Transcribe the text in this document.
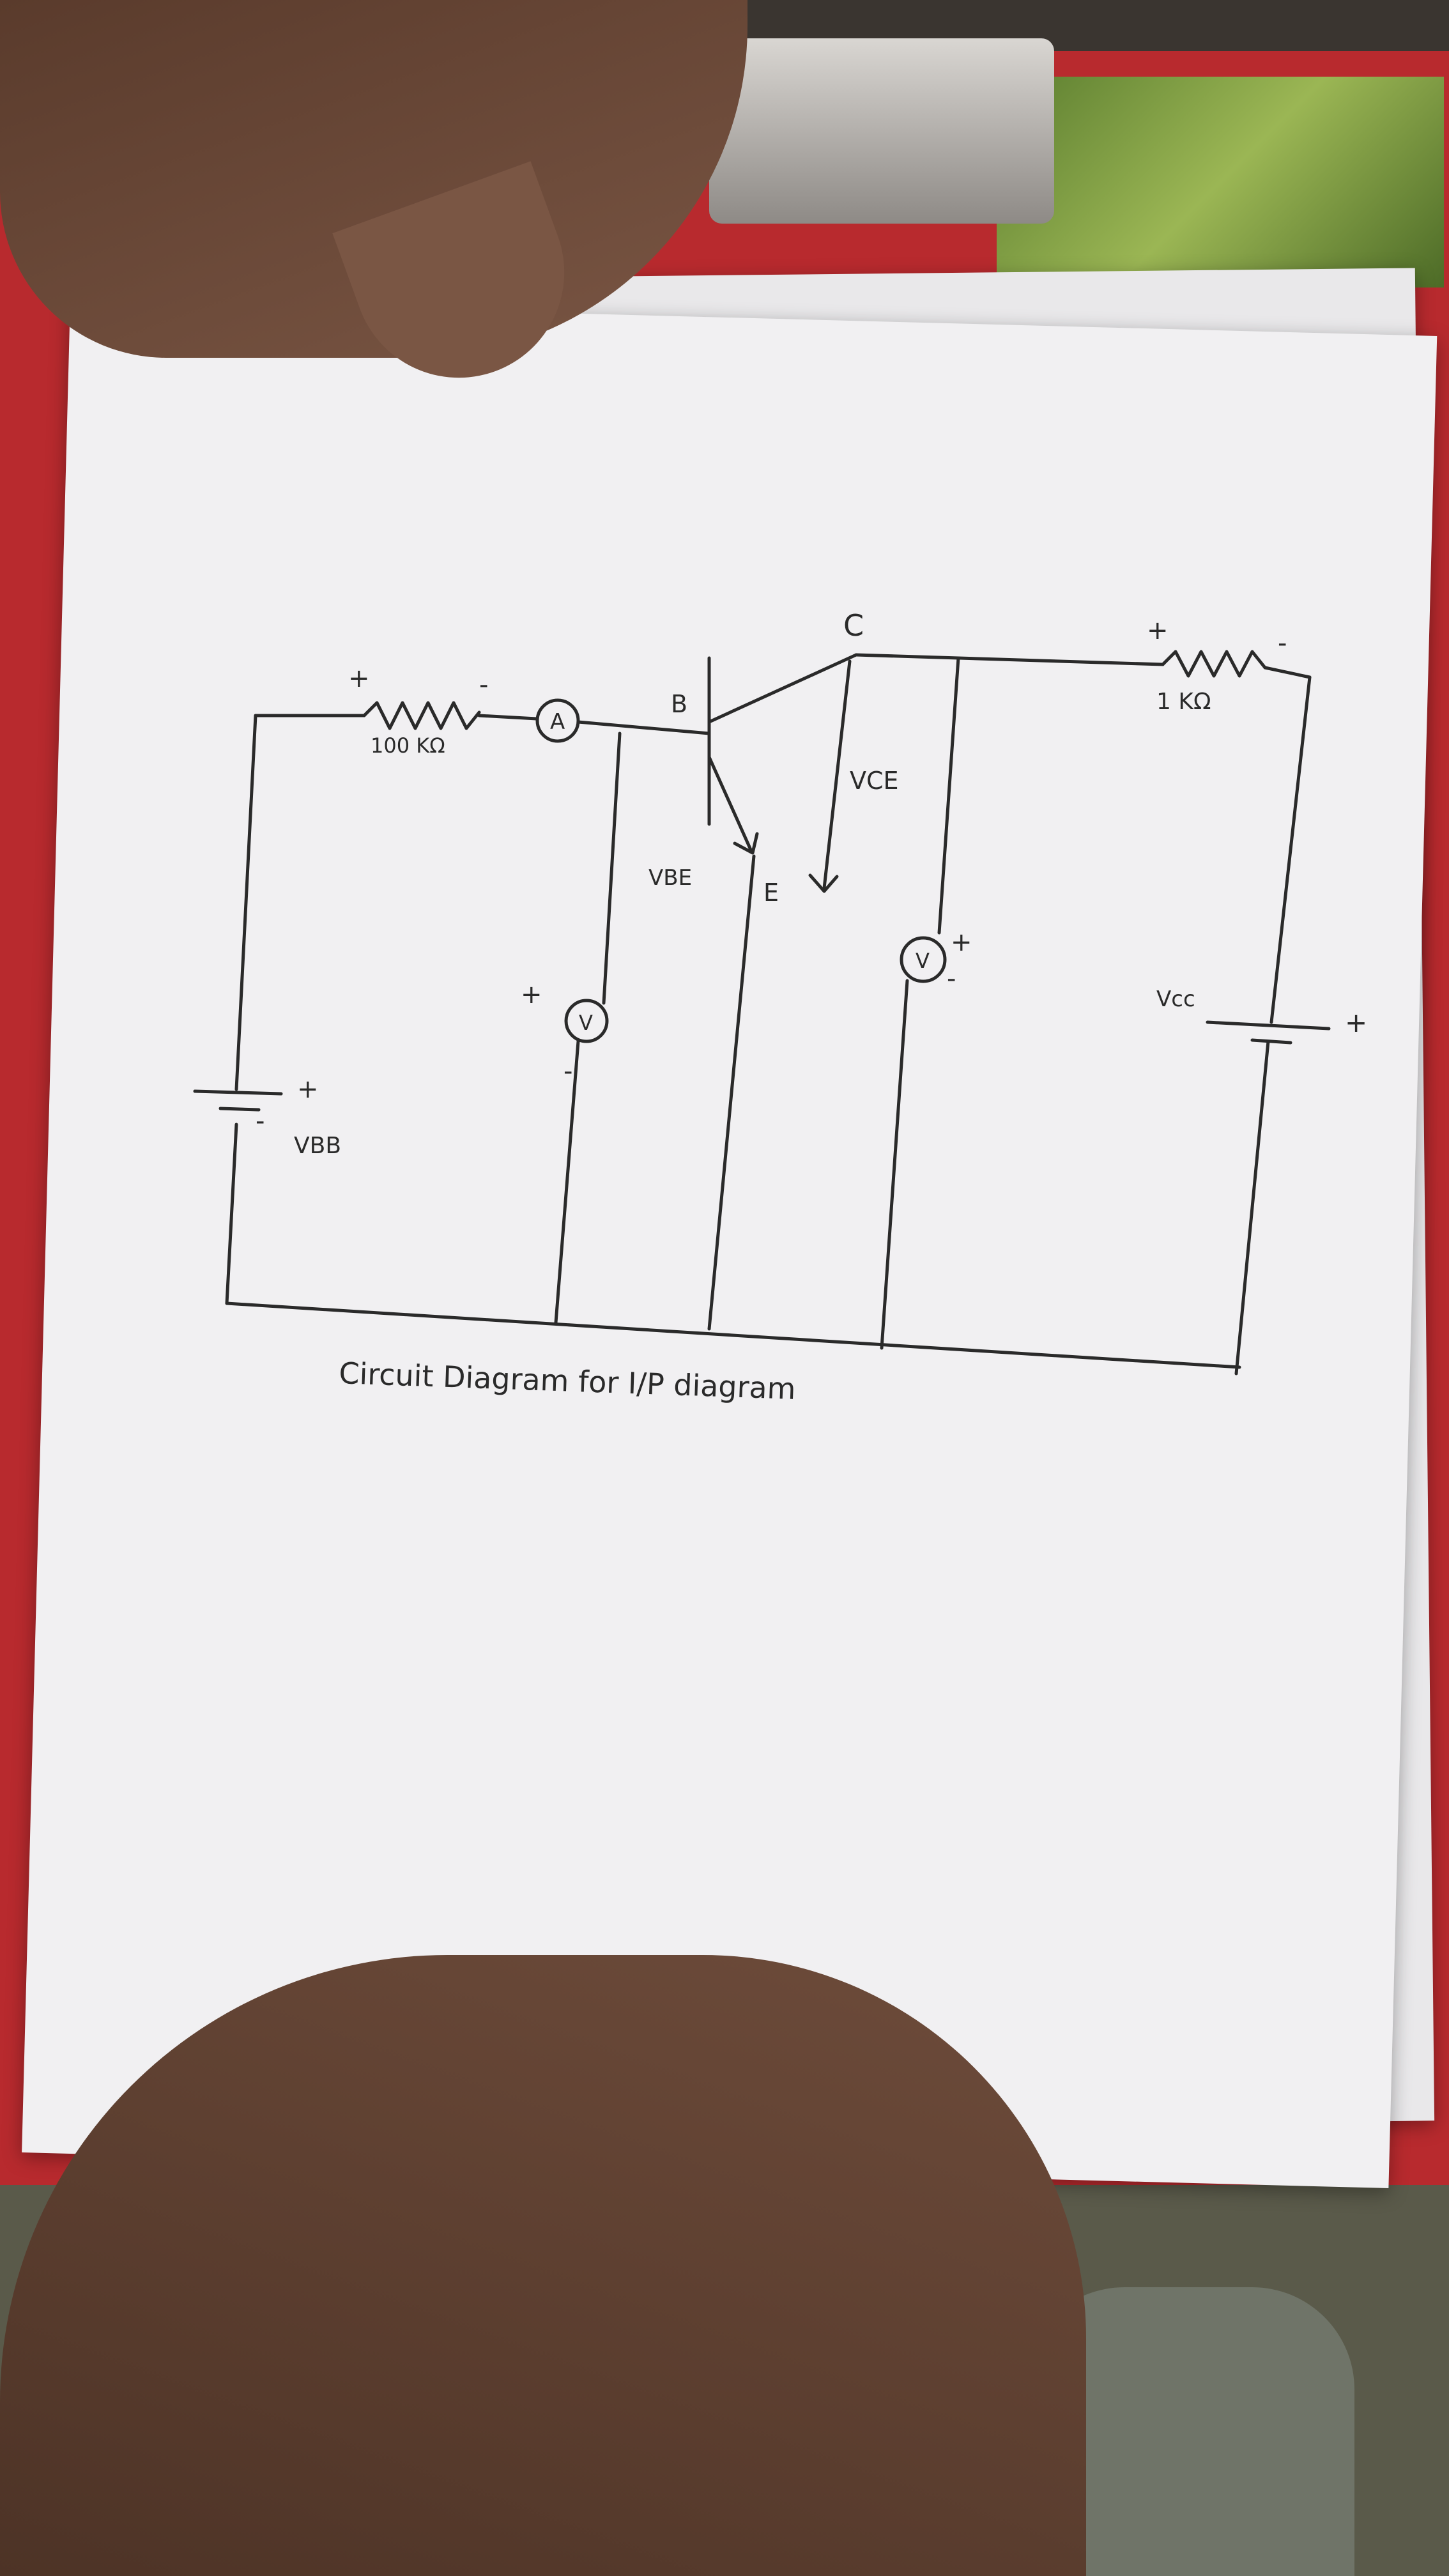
+	-
100 KΩ
A
B
C
E
VBE
VCE
V
+
-
V
+
-
+	-
1 KΩ
+
-
VBB
Vcc
+
Circuit Diagram for I/P diagram
